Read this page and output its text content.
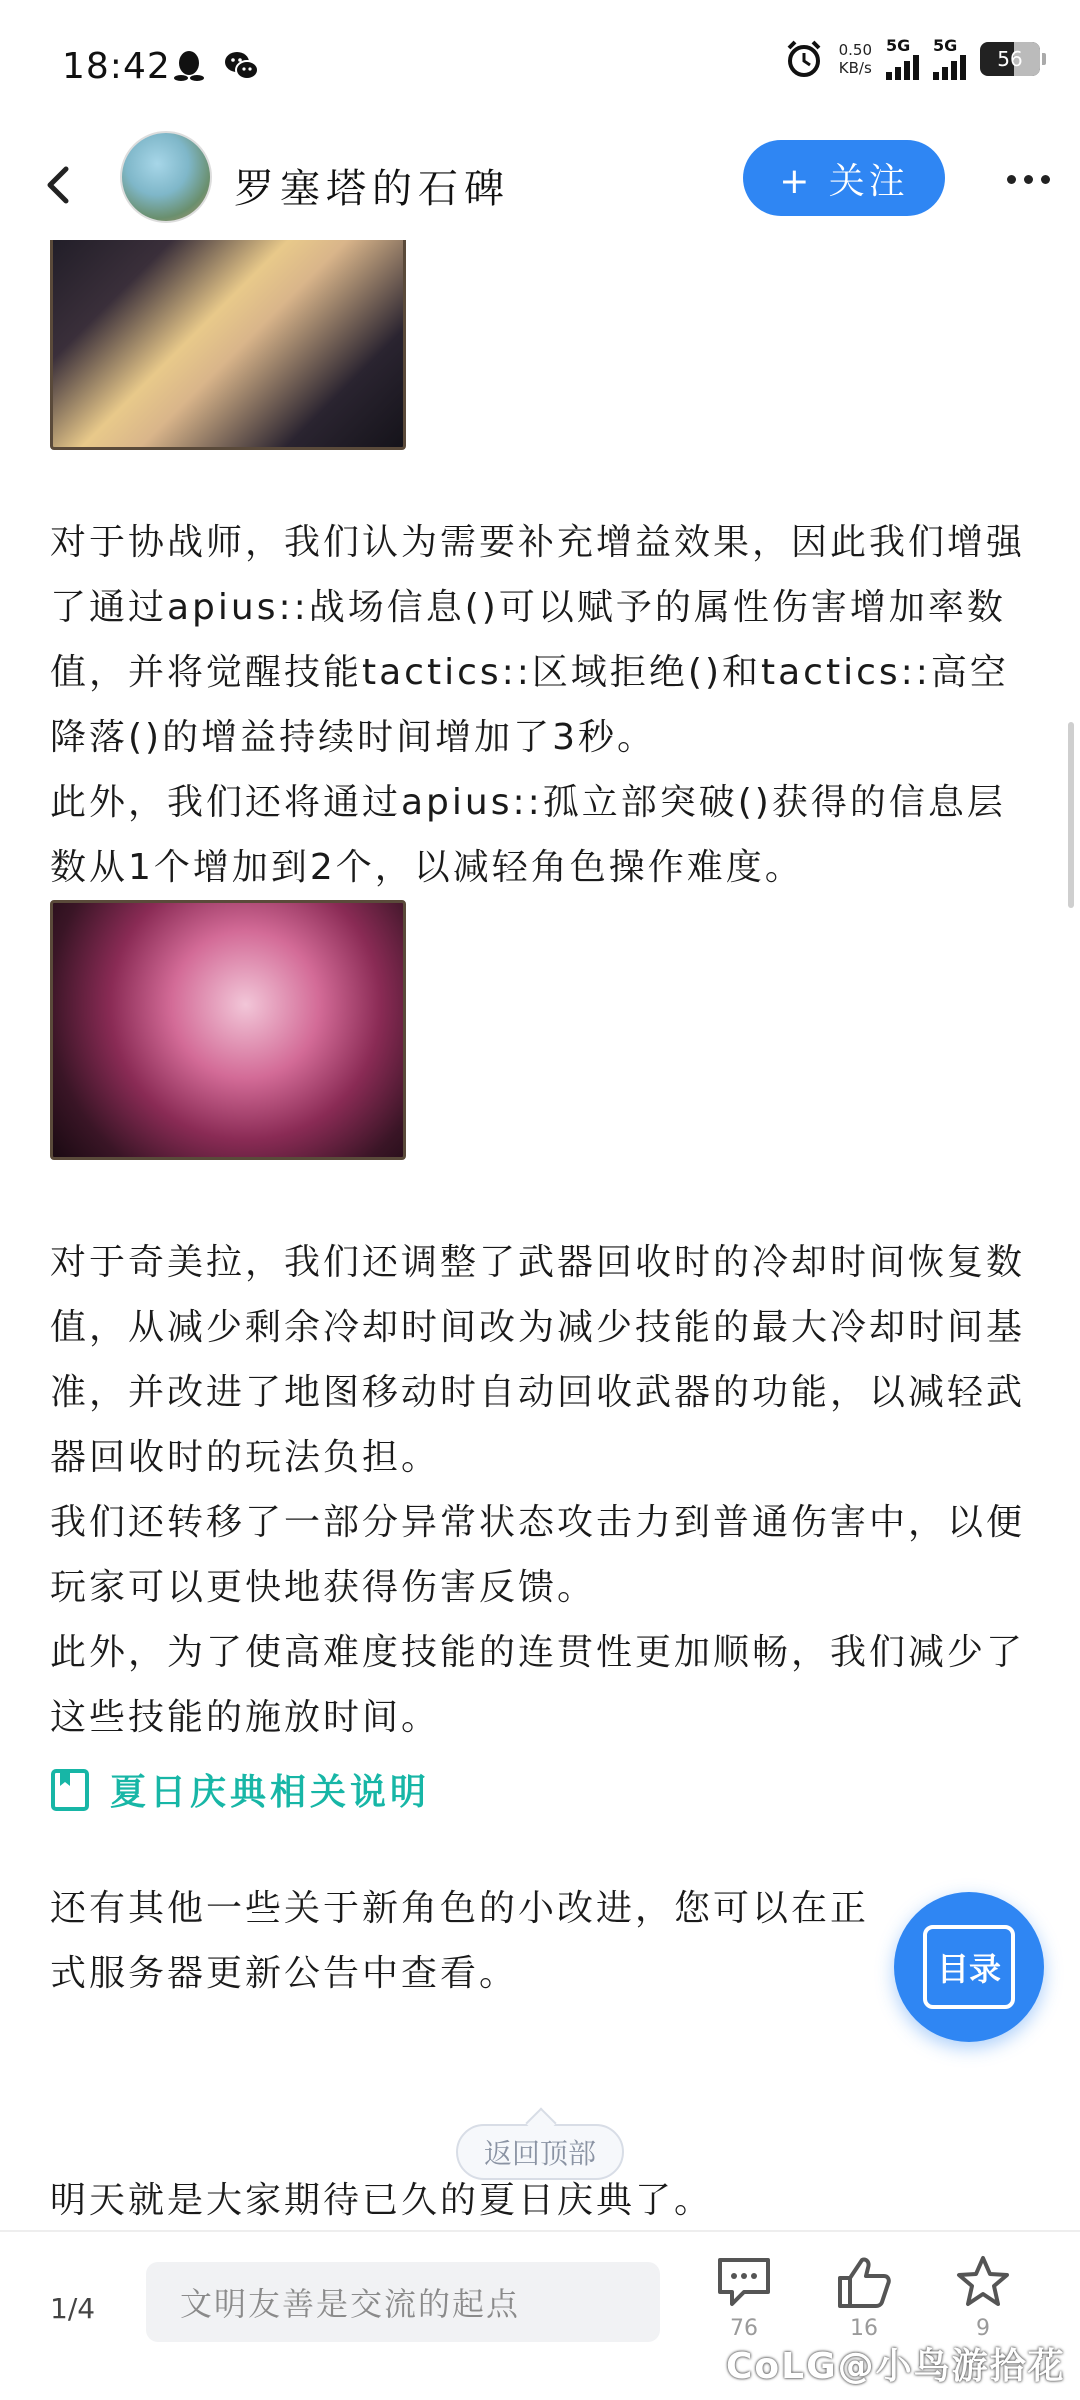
18:42	0.50
KB/s
5G 5G
56
罗塞塔的石碑	+ 关注
对于协战师，我们认为需要补充增益效果，因此我们增强了通过apius::战场信息()可以赋予的属性伤害增加率数值，并将觉醒技能tactics::区域拒绝()和tactics::高空降落()的增益持续时间增加了3秒。
此外，我们还将通过apius::孤立部突破()获得的信息层数从1个增加到2个，以减轻角色操作难度。
对于奇美拉，我们还调整了武器回收时的冷却时间恢复数值，从减少剩余冷却时间改为减少技能的最大冷却时间基准，并改进了地图移动时自动回收武器的功能，以减轻武器回收时的玩法负担。
我们还转移了一部分异常状态攻击力到普通伤害中，以便玩家可以更快地获得伤害反馈。
此外，为了使高难度技能的连贯性更加顺畅，我们减少了这些技能的施放时间。
还有其他一些关于新角色的小改进，您可以在正式服务器更新公告中查看。
夏日庆典相关说明
明天就是大家期待已久的夏日庆典了。
返回顶部
目录
1/4	文明友善是交流的起点
76	16	9
CoLG@小鸟游拾花
